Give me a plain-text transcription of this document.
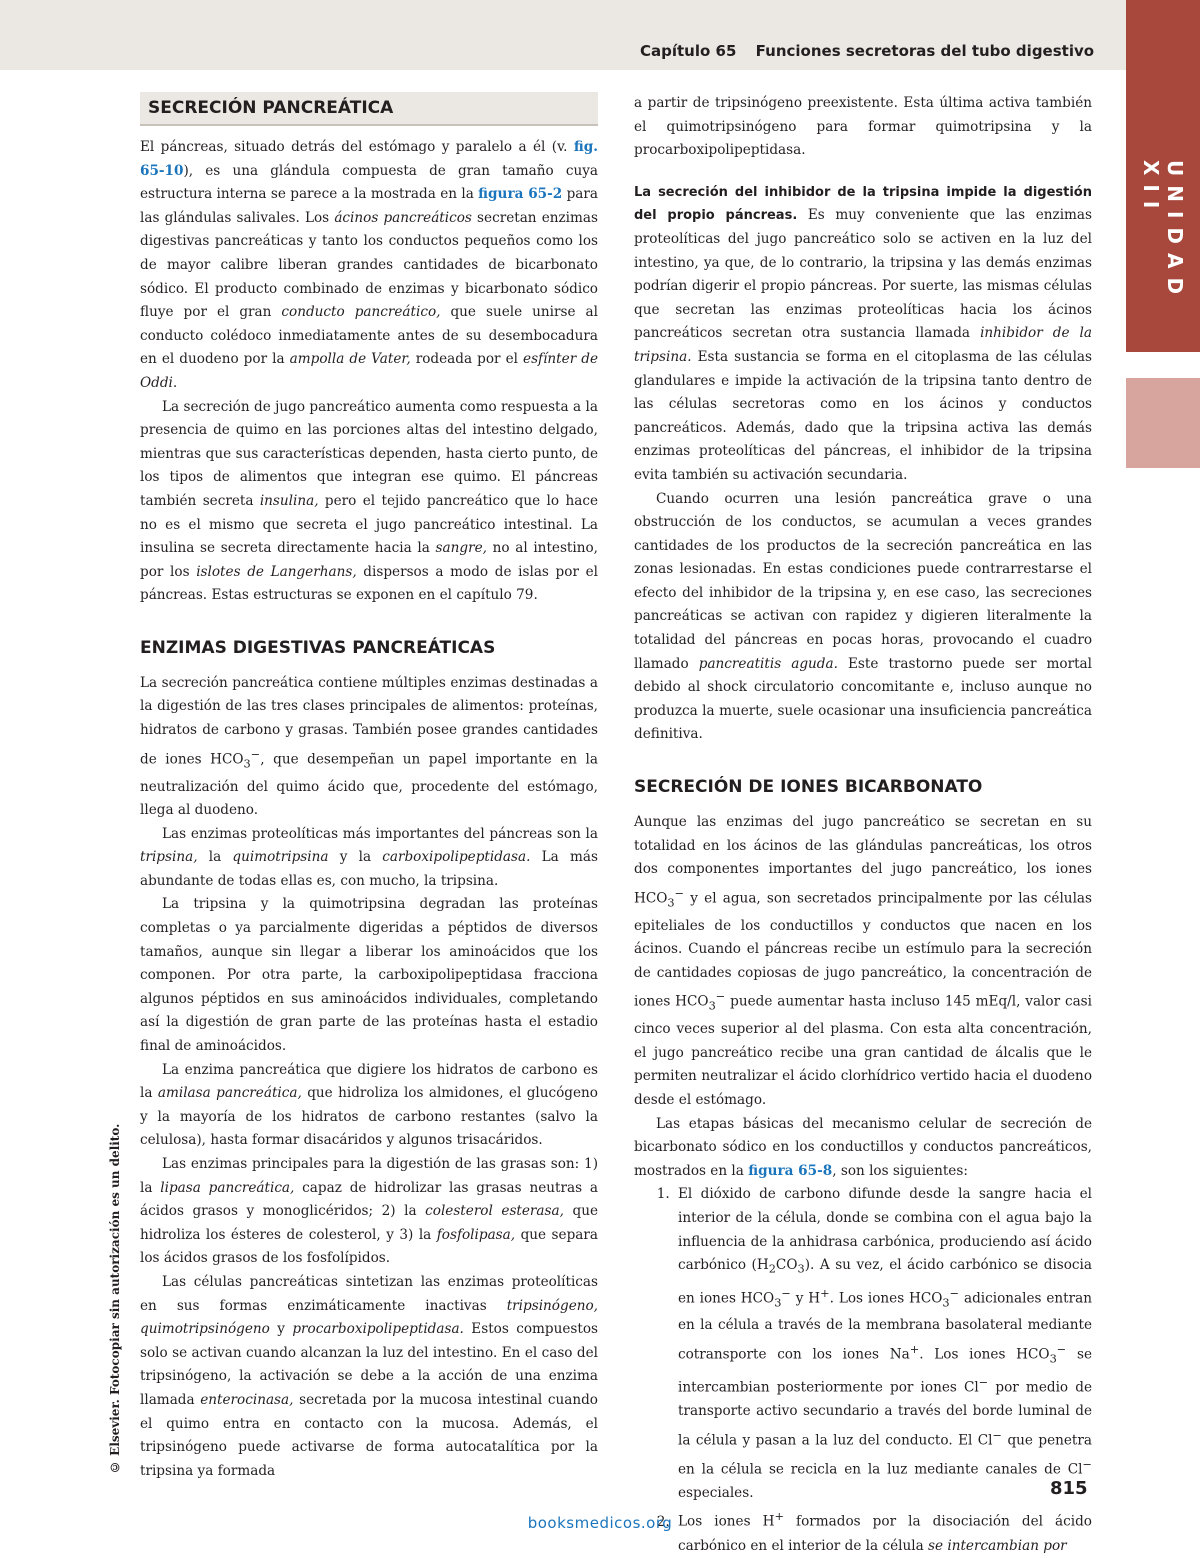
Capítulo 65 Funciones secretoras del tubo digestivo
UNIDAD XII
SECRECIÓN PANCREÁTICA

El páncreas, situado detrás del estómago y paralelo a él (v. fig. 65-10), es una glándula compuesta de gran tamaño cuya estructura interna se parece a la mostrada en la figura 65-2 para las glándulas salivales. Los ácinos pancreáticos secretan enzimas digestivas pancreáticas y tanto los conductos pequeños como los de mayor calibre liberan grandes cantidades de bicarbonato sódico. El producto combinado de enzimas y bicarbonato sódico fluye por el gran conducto pancreático, que suele unirse al conducto colédoco inmediatamente antes de su desembocadura en el duodeno por la ampolla de Vater, rodeada por el esfínter de Oddi.

La secreción de jugo pancreático aumenta como respuesta a la presencia de quimo en las porciones altas del intestino delgado, mientras que sus características dependen, hasta cierto punto, de los tipos de alimentos que integran ese quimo. El páncreas también secreta insulina, pero el tejido pancreático que lo hace no es el mismo que secreta el jugo pancreático intestinal. La insulina se secreta directamente hacia la sangre, no al intestino, por los islotes de Langerhans, dispersos a modo de islas por el páncreas. Estas estructuras se exponen en el capítulo 79.

ENZIMAS DIGESTIVAS PANCREÁTICAS

La secreción pancreática contiene múltiples enzimas destinadas a la digestión de las tres clases principales de alimentos: proteínas, hidratos de carbono y grasas. También posee grandes cantidades de iones $HCO_3^-$, que desempeñan un papel importante en la neutralización del quimo ácido que, procedente del estómago, llega al duodeno.

Las enzimas proteolíticas más importantes del páncreas son la tripsina, la quimotripsina y la carboxipolipeptidasa. La más abundante de todas ellas es, con mucho, la tripsina.

La tripsina y la quimotripsina degradan las proteínas completas o ya parcialmente digeridas a péptidos de diversos tamaños, aunque sin llegar a liberar los aminoácidos que los componen. Por otra parte, la carboxipolipeptidasa fracciona algunos péptidos en sus aminoácidos individuales, completando así la digestión de gran parte de las proteínas hasta el estadio final de aminoácidos.

La enzima pancreática que digiere los hidratos de carbono es la amilasa pancreática, que hidroliza los almidones, el glucógeno y la mayoría de los hidratos de carbono restantes (salvo la celulosa), hasta formar disacáridos y algunos trisacáridos.

Las enzimas principales para la digestión de las grasas son: 1) la lipasa pancreática, capaz de hidrolizar las grasas neutras a ácidos grasos y monoglicéridos; 2) la colesterol esterasa, que hidroliza los ésteres de colesterol, y 3) la fosfolipasa, que separa los ácidos grasos de los fosfolípidos.

Las células pancreáticas sintetizan las enzimas proteolíticas en sus formas enzimáticamente inactivas tripsinógeno, quimotripsinógeno y procarboxipolipeptidasa. Estos compuestos solo se activan cuando alcanzan la luz del intestino. En el caso del tripsinógeno, la activación se debe a la acción de una enzima llamada enterocinasa, secretada por la mucosa intestinal cuando el quimo entra en contacto con la mucosa. Además, el tripsinógeno puede activarse de forma autocatalítica por la tripsina ya formada

a partir de tripsinógeno preexistente. Esta última activa también el quimotripsinógeno para formar quimotripsina y la procarboxipolipeptidasa.

La secreción del inhibidor de la tripsina impide la digestión del propio páncreas. Es muy conveniente que las enzimas proteolíticas del jugo pancreático solo se activen en la luz del intestino, ya que, de lo contrario, la tripsina y las demás enzimas podrían digerir el propio páncreas. Por suerte, las mismas células que secretan las enzimas proteolíticas hacia los ácinos pancreáticos secretan otra sustancia llamada inhibidor de la tripsina. Esta sustancia se forma en el citoplasma de las células glandulares e impide la activación de la tripsina tanto dentro de las células secretoras como en los ácinos y conductos pancreáticos. Además, dado que la tripsina activa las demás enzimas proteolíticas del páncreas, el inhibidor de la tripsina evita también su activación secundaria.

Cuando ocurren una lesión pancreática grave o una obstrucción de los conductos, se acumulan a veces grandes cantidades de los productos de la secreción pancreática en las zonas lesionadas. En estas condiciones puede contrarrestarse el efecto del inhibidor de la tripsina y, en ese caso, las secreciones pancreáticas se activan con rapidez y digieren literalmente la totalidad del páncreas en pocas horas, provocando el cuadro llamado pancreatitis aguda. Este trastorno puede ser mortal debido al shock circulatorio concomitante e, incluso aunque no produzca la muerte, suele ocasionar una insuficiencia pancreática definitiva.

SECRECIÓN DE IONES BICARBONATO

Aunque las enzimas del jugo pancreático se secretan en su totalidad en los ácinos de las glándulas pancreáticas, los otros dos componentes importantes del jugo pancreático, los iones $HCO_3^-$ y el agua, son secretados principalmente por las células epiteliales de los conductillos y conductos que nacen en los ácinos. Cuando el páncreas recibe un estímulo para la secreción de cantidades copiosas de jugo pancreático, la concentración de iones $HCO_3^-$ puede aumentar hasta incluso 145 mEq/l, valor casi cinco veces superior al del plasma. Con esta alta concentración, el jugo pancreático recibe una gran cantidad de álcalis que le permiten neutralizar el ácido clorhídrico vertido hacia el duodeno desde el estómago.

Las etapas básicas del mecanismo celular de secreción de bicarbonato sódico en los conductillos y conductos pancreáticos, mostrados en la figura 65-8, son los siguientes:

1. El dióxido de carbono difunde desde la sangre hacia el interior de la célula, donde se combina con el agua bajo la influencia de la anhidrasa carbónica, produciendo así ácido carbónico $(H_2CO_3)$. A su vez, el ácido carbónico se disocia en iones $HCO_3^-$ y H+. Los iones $HCO_3^-$ adicionales entran en la célula a través de la membrana basolateral mediante cotransporte con los iones Na+. Los iones $HCO_3^-$ se intercambian posteriormente por iones Cl− por medio de transporte activo secundario a través del borde luminal de la célula y pasan a la luz del conducto. El Cl− que penetra en la célula se recicla en la luz mediante canales de Cl− especiales.
2. Los iones H+ formados por la disociación del ácido carbónico en el interior de la célula se intercambian por
© Elsevier. Fotocopiar sin autorización es un delito.
815
booksmedicos.org
